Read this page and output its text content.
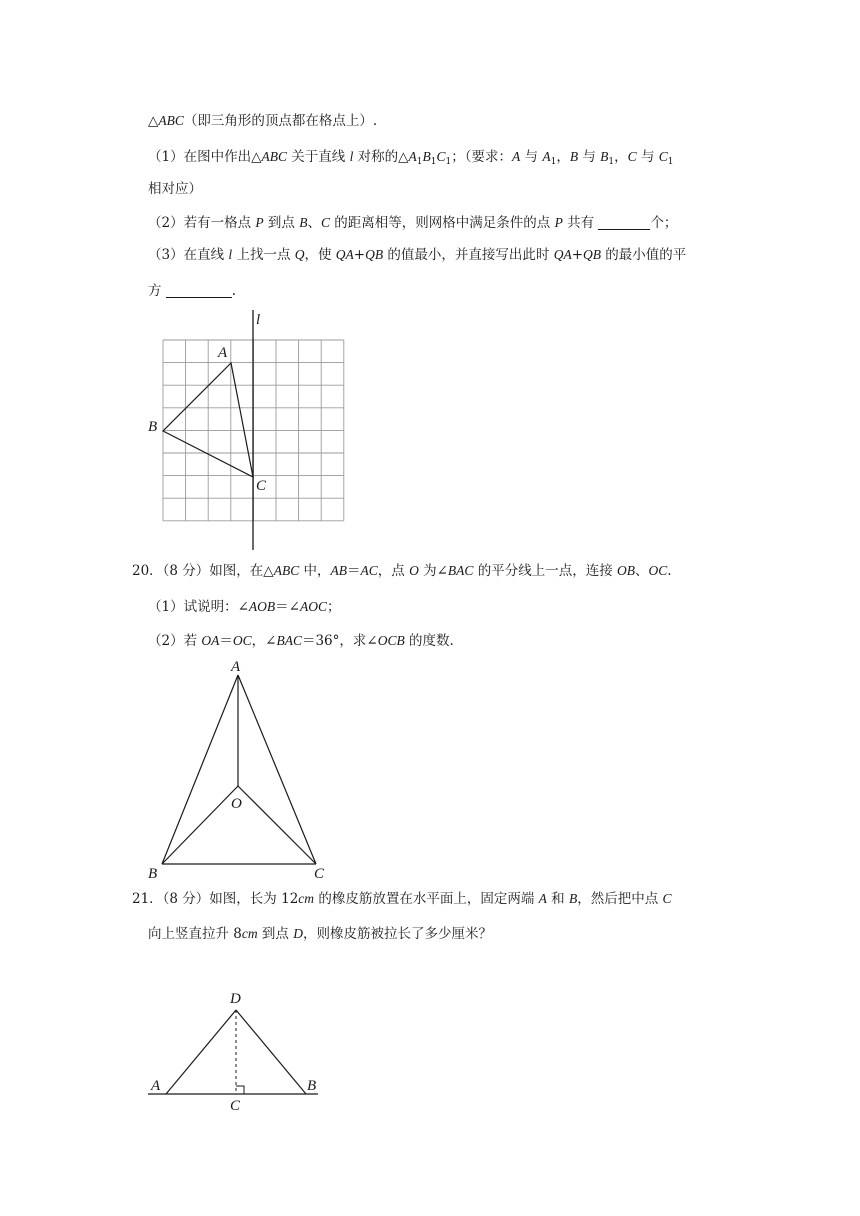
△ABC（即三角形的顶点都在格点上）.
（1）在图中作出△ABC 关于直线 l 对称的$\triangle A_1B_1C_1$；（要求：A 与 $A_1$，B 与 $B_1$，C 与 $C_1$
相对应）
（2）若有一格点 P 到点 B、C 的距离相等，则网格中满足条件的点 P 共有	个；
（3）在直线 l 上找一点 Q，使 QA+QB 的值最小，并直接写出此时 QA+QB 的最小值的平
方	.
l
A
B
C
20．（8 分）如图，在△ABC 中，AB＝AC，点 O 为∠BAC 的平分线上一点，连接 OB、OC.
（1）试说明：∠AOB＝∠AOC；
（2）若 OA＝OC，∠BAC＝36°，求∠OCB 的度数.
A
O
B	C
21．（8 分）如图，长为 12cm 的橡皮筋放置在水平面上，固定两端 A 和 B，然后把中点 C
向上竖直拉升 8cm 到点 D，则橡皮筋被拉长了多少厘米？
D
A	B
C
